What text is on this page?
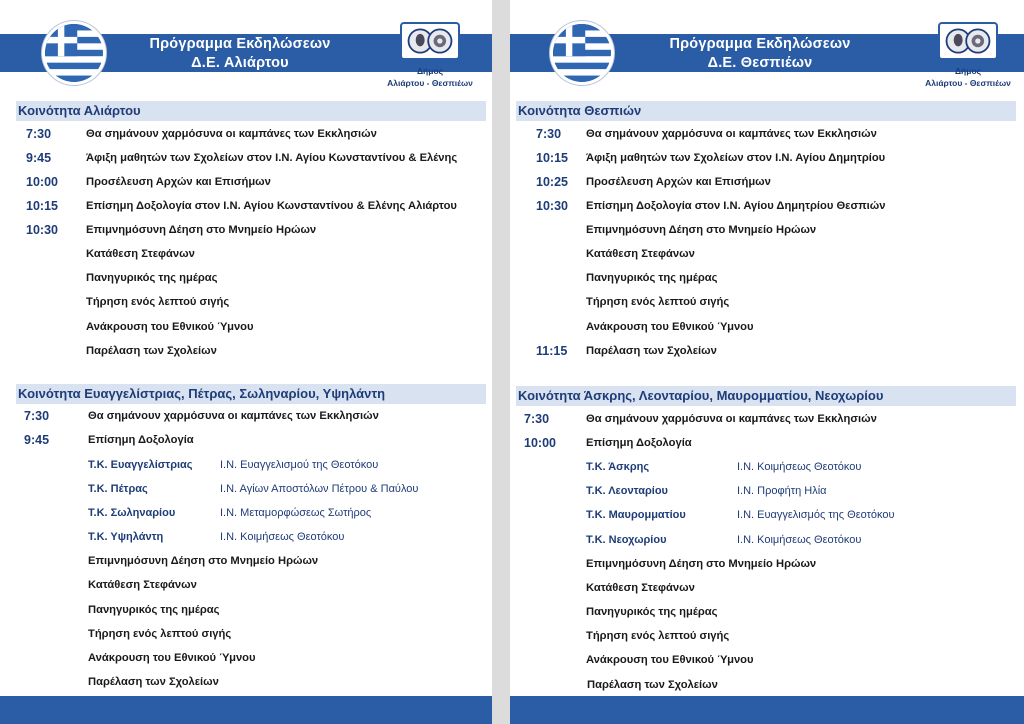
Πρόγραμμα Εκδηλώσεων
Δ.Ε. Αλιάρτου	Δήμος
Αλιάρτου - Θεσπιέων
Κοινότητα Αλιάρτου
7:30	Θα σημάνουν χαρμόσυνα οι καμπάνες των Εκκλησιών
9:45	Άφιξη μαθητών των Σχολείων στον Ι.Ν. Αγίου Κωνσταντίνου & Ελένης
10:00	Προσέλευση Αρχών και Επισήμων
10:15	Επίσημη Δοξολογία στον Ι.Ν. Αγίου Κωνσταντίνου & Ελένης Αλιάρτου
10:30	Επιμνημόσυνη Δέηση στο Μνημείο Ηρώων
Κατάθεση Στεφάνων
Πανηγυρικός της ημέρας
Τήρηση ενός λεπτού σιγής
Ανάκρουση του Εθνικού Ύμνου
Παρέλαση των Σχολείων
Κοινότητα Ευαγγελίστριας, Πέτρας, Σωληναρίου, Υψηλάντη
7:30	Θα σημάνουν χαρμόσυνα οι καμπάνες των Εκκλησιών
9:45	Επίσημη Δοξολογία
Τ.Κ. Ευαγγελίστριας Ι.Ν. Ευαγγελισμού της Θεοτόκου
Τ.Κ. Πέτρας	Ι.Ν. Αγίων Αποστόλων Πέτρου & Παύλου
Τ.Κ. Σωληναρίου	Ι.Ν. Μεταμορφώσεως Σωτήρος
Τ.Κ. Υψηλάντη	Ι.Ν. Κοιμήσεως Θεοτόκου
Επιμνημόσυνη Δέηση στο Μνημείο Ηρώων
Κατάθεση Στεφάνων
Πανηγυρικός της ημέρας
Τήρηση ενός λεπτού σιγής
Ανάκρουση του Εθνικού Ύμνου
Παρέλαση των Σχολείων
Πρόγραμμα Εκδηλώσεων
Δ.Ε. Θεσπιέων	Δήμος
Αλιάρτου - Θεσπιέων
Κοινότητα Θεσπιών
7:30	Θα σημάνουν χαρμόσυνα οι καμπάνες των Εκκλησιών
10:15	Άφιξη μαθητών των Σχολείων στον Ι.Ν. Αγίου Δημητρίου
10:25	Προσέλευση Αρχών και Επισήμων
10:30	Επίσημη Δοξολογία στον Ι.Ν. Αγίου Δημητρίου Θεσπιών
Επιμνημόσυνη Δέηση στο Μνημείο Ηρώων
Κατάθεση Στεφάνων
Πανηγυρικός της ημέρας
Τήρηση ενός λεπτού σιγής
Ανάκρουση του Εθνικού Ύμνου
11:15	Παρέλαση των Σχολείων
Κοινότητα Άσκρης, Λεονταρίου, Μαυρομματίου, Νεοχωρίου
7:30	Θα σημάνουν χαρμόσυνα οι καμπάνες των Εκκλησιών
10:00	Επίσημη Δοξολογία
Τ.Κ. Άσκρης	Ι.Ν. Κοιμήσεως Θεοτόκου
Τ.Κ. Λεονταρίου	Ι.Ν. Προφήτη Ηλία
Τ.Κ. Μαυρομματίου	Ι.Ν. Ευαγγελισμός της Θεοτόκου
Τ.Κ. Νεοχωρίου	Ι.Ν. Κοιμήσεως Θεοτόκου
Επιμνημόσυνη Δέηση στο Μνημείο Ηρώων
Κατάθεση Στεφάνων
Πανηγυρικός της ημέρας
Τήρηση ενός λεπτού σιγής
Ανάκρουση του Εθνικού Ύμνου
Παρέλαση των Σχολείων
